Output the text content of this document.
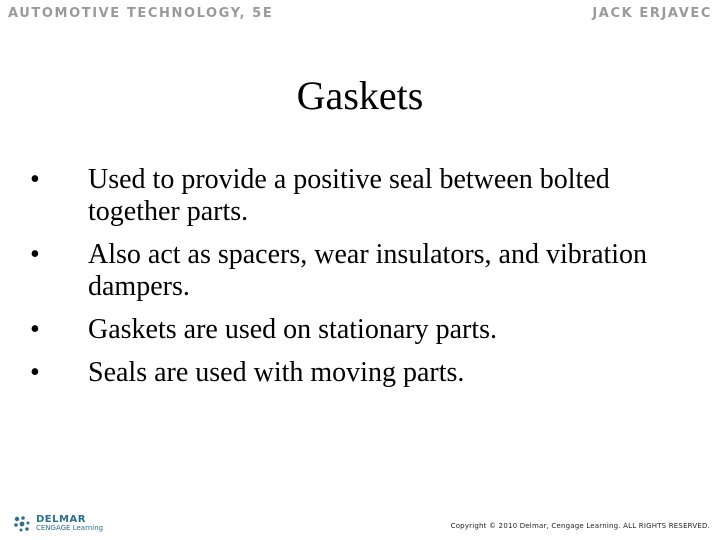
AUTOMOTIVE TECHNOLOGY, 5E	JACK ERJAVEC
Gaskets
•	Used to provide a positive seal between bolted together parts.
•	Also act as spacers, wear insulators, and vibration dampers.
•	Gaskets are used on stationary parts.
•	Seals are used with moving parts.
DELMAR
CENGAGE Learning	Copyright © 2010 Delmar, Cengage Learning. ALL RIGHTS RESERVED.
